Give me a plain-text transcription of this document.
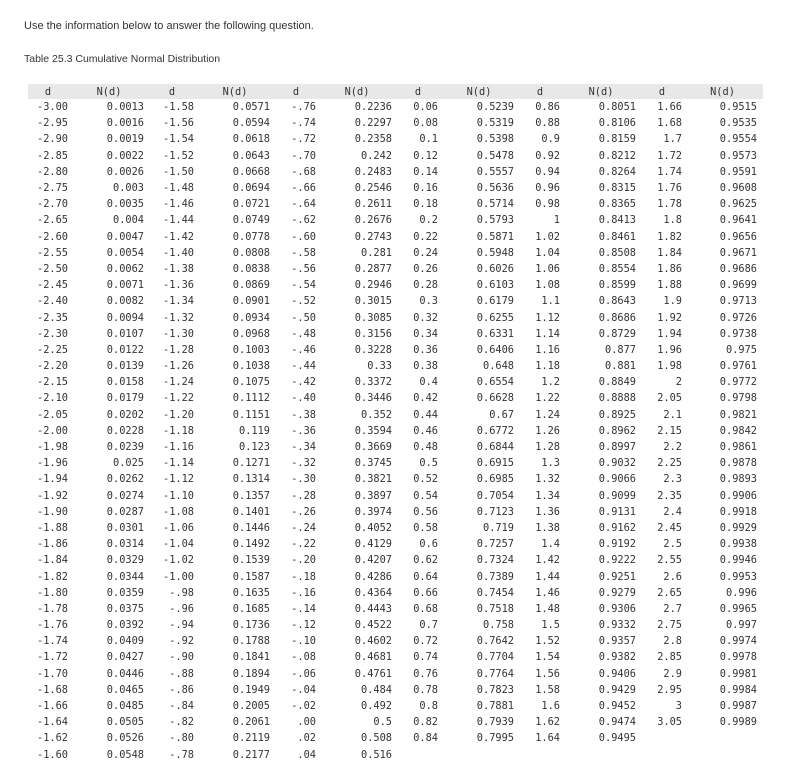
Use the information below to answer the following question.
Table 25.3 Cumulative Normal Distribution
d	N(d)	d	N(d)	d	N(d)	d	N(d)	d	N(d)	d	N(d)
-3.00	0.0013	-1.58	0.0571	-.76	0.2236	0.06	0.5239	0.86	0.8051	1.66	0.9515
-2.95	0.0016	-1.56	0.0594	-.74	0.2297	0.08	0.5319	0.88	0.8106	1.68	0.9535
-2.90	0.0019	-1.54	0.0618	-.72	0.2358	0.1	0.5398	0.9	0.8159	1.7	0.9554
-2.85	0.0022	-1.52	0.0643	-.70	0.242	0.12	0.5478	0.92	0.8212	1.72	0.9573
-2.80	0.0026	-1.50	0.0668	-.68	0.2483	0.14	0.5557	0.94	0.8264	1.74	0.9591
-2.75	0.003	-1.48	0.0694	-.66	0.2546	0.16	0.5636	0.96	0.8315	1.76	0.9608
-2.70	0.0035	-1.46	0.0721	-.64	0.2611	0.18	0.5714	0.98	0.8365	1.78	0.9625
-2.65	0.004	-1.44	0.0749	-.62	0.2676	0.2	0.5793	1	0.8413	1.8	0.9641
-2.60	0.0047	-1.42	0.0778	-.60	0.2743	0.22	0.5871	1.02	0.8461	1.82	0.9656
-2.55	0.0054	-1.40	0.0808	-.58	0.281	0.24	0.5948	1.04	0.8508	1.84	0.9671
-2.50	0.0062	-1.38	0.0838	-.56	0.2877	0.26	0.6026	1.06	0.8554	1.86	0.9686
-2.45	0.0071	-1.36	0.0869	-.54	0.2946	0.28	0.6103	1.08	0.8599	1.88	0.9699
-2.40	0.0082	-1.34	0.0901	-.52	0.3015	0.3	0.6179	1.1	0.8643	1.9	0.9713
-2.35	0.0094	-1.32	0.0934	-.50	0.3085	0.32	0.6255	1.12	0.8686	1.92	0.9726
-2.30	0.0107	-1.30	0.0968	-.48	0.3156	0.34	0.6331	1.14	0.8729	1.94	0.9738
-2.25	0.0122	-1.28	0.1003	-.46	0.3228	0.36	0.6406	1.16	0.877	1.96	0.975
-2.20	0.0139	-1.26	0.1038	-.44	0.33	0.38	0.648	1.18	0.881	1.98	0.9761
-2.15	0.0158	-1.24	0.1075	-.42	0.3372	0.4	0.6554	1.2	0.8849	2	0.9772
-2.10	0.0179	-1.22	0.1112	-.40	0.3446	0.42	0.6628	1.22	0.8888	2.05	0.9798
-2.05	0.0202	-1.20	0.1151	-.38	0.352	0.44	0.67	1.24	0.8925	2.1	0.9821
-2.00	0.0228	-1.18	0.119	-.36	0.3594	0.46	0.6772	1.26	0.8962	2.15	0.9842
-1.98	0.0239	-1.16	0.123	-.34	0.3669	0.48	0.6844	1.28	0.8997	2.2	0.9861
-1.96	0.025	-1.14	0.1271	-.32	0.3745	0.5	0.6915	1.3	0.9032	2.25	0.9878
-1.94	0.0262	-1.12	0.1314	-.30	0.3821	0.52	0.6985	1.32	0.9066	2.3	0.9893
-1.92	0.0274	-1.10	0.1357	-.28	0.3897	0.54	0.7054	1.34	0.9099	2.35	0.9906
-1.90	0.0287	-1.08	0.1401	-.26	0.3974	0.56	0.7123	1.36	0.9131	2.4	0.9918
-1.88	0.0301	-1.06	0.1446	-.24	0.4052	0.58	0.719	1.38	0.9162	2.45	0.9929
-1.86	0.0314	-1.04	0.1492	-.22	0.4129	0.6	0.7257	1.4	0.9192	2.5	0.9938
-1.84	0.0329	-1.02	0.1539	-.20	0.4207	0.62	0.7324	1.42	0.9222	2.55	0.9946
-1.82	0.0344	-1.00	0.1587	-.18	0.4286	0.64	0.7389	1.44	0.9251	2.6	0.9953
-1.80	0.0359	-.98	0.1635	-.16	0.4364	0.66	0.7454	1.46	0.9279	2.65	0.996
-1.78	0.0375	-.96	0.1685	-.14	0.4443	0.68	0.7518	1.48	0.9306	2.7	0.9965
-1.76	0.0392	-.94	0.1736	-.12	0.4522	0.7	0.758	1.5	0.9332	2.75	0.997
-1.74	0.0409	-.92	0.1788	-.10	0.4602	0.72	0.7642	1.52	0.9357	2.8	0.9974
-1.72	0.0427	-.90	0.1841	-.08	0.4681	0.74	0.7704	1.54	0.9382	2.85	0.9978
-1.70	0.0446	-.88	0.1894	-.06	0.4761	0.76	0.7764	1.56	0.9406	2.9	0.9981
-1.68	0.0465	-.86	0.1949	-.04	0.484	0.78	0.7823	1.58	0.9429	2.95	0.9984
-1.66	0.0485	-.84	0.2005	-.02	0.492	0.8	0.7881	1.6	0.9452	3	0.9987
-1.64	0.0505	-.82	0.2061	.00	0.5	0.82	0.7939	1.62	0.9474	3.05	0.9989
-1.62	0.0526	-.80	0.2119	.02	0.508	0.84	0.7995	1.64	0.9495		
-1.60	0.0548	-.78	0.2177	.04	0.516						
